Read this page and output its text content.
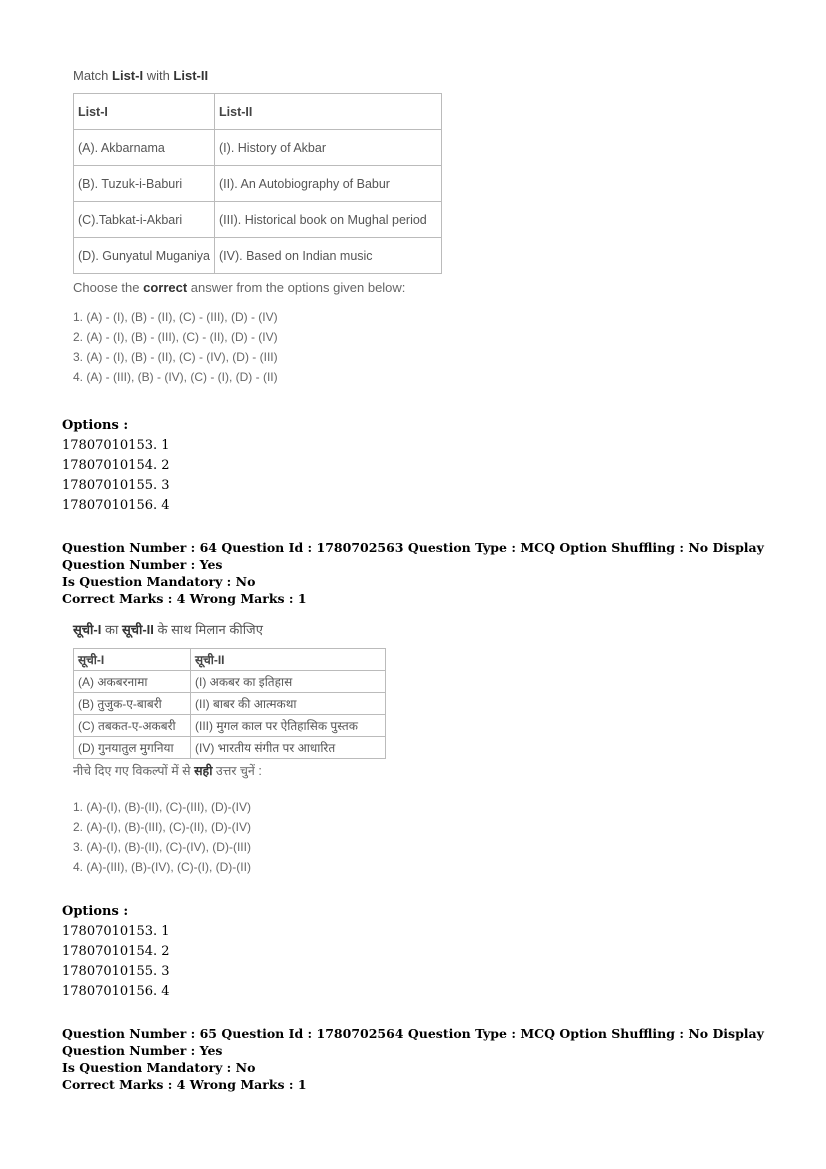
Match List-I with List-II
List-I	List-II
(A). Akbarnama	(I). History of Akbar
(B). Tuzuk-i-Baburi	(II). An Autobiography of Babur
(C).Tabkat-i-Akbari	(III). Historical book on Mughal period
(D). Gunyatul Muganiya	(IV). Based on Indian music
Choose the correct answer from the options given below:
1. (A) - (I), (B) - (II), (C) - (III), (D) - (IV)
2. (A) - (I), (B) - (III), (C) - (II), (D) - (IV)
3. (A) - (I), (B) - (II), (C) - (IV), (D) - (III)
4. (A) - (III), (B) - (IV), (C) - (I), (D) - (II)
Options :
17807010153. 1
17807010154. 2
17807010155. 3
17807010156. 4
Question Number : 64 Question Id : 1780702563 Question Type : MCQ Option Shuffling : No Display Question Number : Yes
Is Question Mandatory : No
Correct Marks : 4 Wrong Marks : 1
सूची-I का सूची-II के साथ मिलान कीजिए
सूची-I	सूची-II
(A) अकबरनामा	(I) अकबर का इतिहास
(B) तुजुक-ए-बाबरी	(II) बाबर की आत्मकथा
(C) तबकत-ए-अकबरी	(III) मुगल काल पर ऐतिहासिक पुस्तक
(D) गुनयातुल मुगनिया	(IV) भारतीय संगीत पर आधारित
नीचे दिए गए विकल्पों में से सही उत्तर चुनें :
1. (A)-(I), (B)-(II), (C)-(III), (D)-(IV)
2. (A)-(I), (B)-(III), (C)-(II), (D)-(IV)
3. (A)-(I), (B)-(II), (C)-(IV), (D)-(III)
4. (A)-(III), (B)-(IV), (C)-(I), (D)-(II)
Options :
17807010153. 1
17807010154. 2
17807010155. 3
17807010156. 4
Question Number : 65 Question Id : 1780702564 Question Type : MCQ Option Shuffling : No Display Question Number : Yes
Is Question Mandatory : No
Correct Marks : 4 Wrong Marks : 1
